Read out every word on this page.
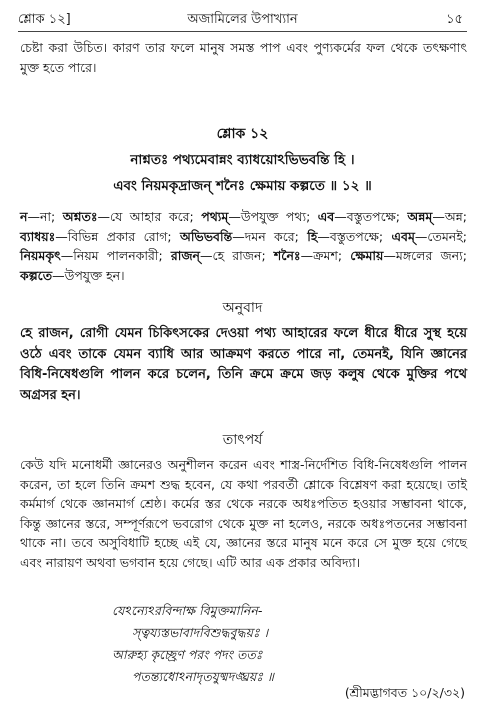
শ্লোক ১২]	অজামিলের উপাখ্যান	১৫

চেষ্টা করা উচিত। কারণ তার ফলে মানুষ সমস্ত পাপ এবং পুণ্যকর্মের ফল থেকে তৎক্ষণাৎ মুক্ত হতে পারে।

শ্লোক ১২

নাশ্নতঃ পথ্যমেবান্নং ব্যাধয়োঽভিভবন্তি হি ।

এবং নিয়মকৃদ্রাজন্ শনৈঃ ক্ষেমায় কল্পতে ॥ ১২ ॥

ন—না; অশ্নতঃ—যে আহার করে; পথ্যম্—উপযুক্ত পথ্য; এব—বস্তুতপক্ষে; অন্নম্—অন্ন; ব্যাধয়ঃ—বিভিন্ন প্রকার রোগ; অভিভবন্তি—দমন করে; হি—বস্তুতপক্ষে; এবম্—তেমনই; নিয়মকৃৎ—নিয়ম পালনকারী; রাজন্—হে রাজন; শনৈঃ—ক্রমশ; ক্ষেমায়—মঙ্গলের জন্য; কল্পতে—উপযুক্ত হন।

অনুবাদ

হে রাজন, রোগী যেমন চিকিৎসকের দেওয়া পথ্য আহারের ফলে ধীরে ধীরে সুস্থ হয়ে ওঠে এবং তাকে যেমন ব্যাধি আর আক্রমণ করতে পারে না, তেমনই, যিনি জ্ঞানের বিধি-নিষেধগুলি পালন করে চলেন, তিনি ক্রমে ক্রমে জড় কলুষ থেকে মুক্তির পথে অগ্রসর হন।

তাৎপর্য

কেউ যদি মনোধর্মী জ্ঞানেরও অনুশীলন করেন এবং শাস্ত্র-নির্দেশিত বিধি-নিষেধগুলি পালন করেন, তা হলে তিনি ক্রমশ শুদ্ধ হবেন, যে কথা পরবর্তী শ্লোকে বিশ্লেষণ করা হয়েছে। তাই কর্মমার্গ থেকে জ্ঞানমার্গ শ্রেষ্ঠ। কর্মের স্তর থেকে নরকে অধঃপতিত হওয়ার সম্ভাবনা থাকে, কিন্তু জ্ঞানের স্তরে, সম্পূর্ণরূপে ভবরোগ থেকে মুক্ত না হলেও, নরকে অধঃপতনের সম্ভাবনা থাকে না। তবে অসুবিধাটি হচ্ছে এই যে, জ্ঞানের স্তরে মানুষ মনে করে সে মুক্ত হয়ে গেছে এবং নারায়ণ অথবা ভগবান হয়ে গেছে। এটি আর এক প্রকার অবিদ্যা।

যেঽন্যেঽরবিন্দাক্ষ বিমুক্তমানিন-
স্ত্বয্যস্তভাবাদবিশুদ্ধবুদ্ধয়ঃ ।
আরুহ্য কৃচ্ছ্রেণ পরং পদং ততঃ
পতন্ত্যধোঽনাদৃতযুষ্মদঙ্ঘ্রয়ঃ ॥
(শ্রীমদ্ভাগবত ১০/২/৩২)
